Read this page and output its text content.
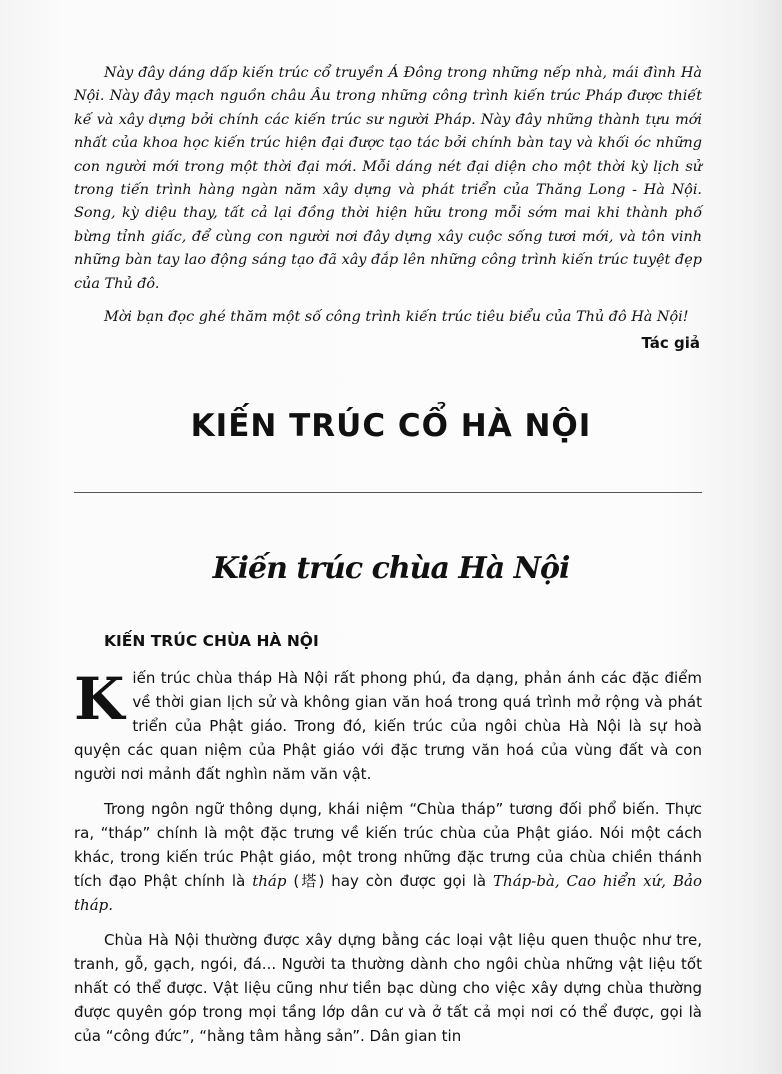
Này đây dáng dấp kiến trúc cổ truyền Á Đông trong những nếp nhà, mái đình Hà Nội. Này đây mạch nguồn châu Âu trong những công trình kiến trúc Pháp được thiết kế và xây dựng bởi chính các kiến trúc sư người Pháp. Này đây những thành tựu mới nhất của khoa học kiến trúc hiện đại được tạo tác bởi chính bàn tay và khối óc những con người mới trong một thời đại mới. Mỗi dáng nét đại diện cho một thời kỳ lịch sử trong tiến trình hàng ngàn năm xây dựng và phát triển của Thăng Long - Hà Nội. Song, kỳ diệu thay, tất cả lại đồng thời hiện hữu trong mỗi sớm mai khi thành phố bừng tỉnh giấc, để cùng con người nơi đây dựng xây cuộc sống tươi mới, và tôn vinh những bàn tay lao động sáng tạo đã xây đắp lên những công trình kiến trúc tuyệt đẹp của Thủ đô.

Mời bạn đọc ghé thăm một số công trình kiến trúc tiêu biểu của Thủ đô Hà Nội!

Tác giả
KIẾN TRÚC CỔ HÀ NỘI
Kiến trúc chùa Hà Nội
KIẾN TRÚC CHÙA HÀ NỘI

Kiến trúc chùa tháp Hà Nội rất phong phú, đa dạng, phản ánh các đặc điểm về thời gian lịch sử và không gian văn hoá trong quá trình mở rộng và phát triển của Phật giáo. Trong đó, kiến trúc của ngôi chùa Hà Nội là sự hoà quyện các quan niệm của Phật giáo với đặc trưng văn hoá của vùng đất và con người nơi mảnh đất nghìn năm văn vật.

Trong ngôn ngữ thông dụng, khái niệm “Chùa tháp” tương đối phổ biến. Thực ra, “tháp” chính là một đặc trưng về kiến trúc chùa của Phật giáo. Nói một cách khác, trong kiến trúc Phật giáo, một trong những đặc trưng của chùa chiền thánh tích đạo Phật chính là tháp (塔) hay còn được gọi là Tháp-bà, Cao hiển xứ, Bảo tháp.

Chùa Hà Nội thường được xây dựng bằng các loại vật liệu quen thuộc như tre, tranh, gỗ, gạch, ngói, đá... Người ta thường dành cho ngôi chùa những vật liệu tốt nhất có thể được. Vật liệu cũng như tiền bạc dùng cho việc xây dựng chùa thường được quyên góp trong mọi tầng lớp dân cư và ở tất cả mọi nơi có thể được, gọi là của “công đức”, “hằng tâm hằng sản”. Dân gian tin
